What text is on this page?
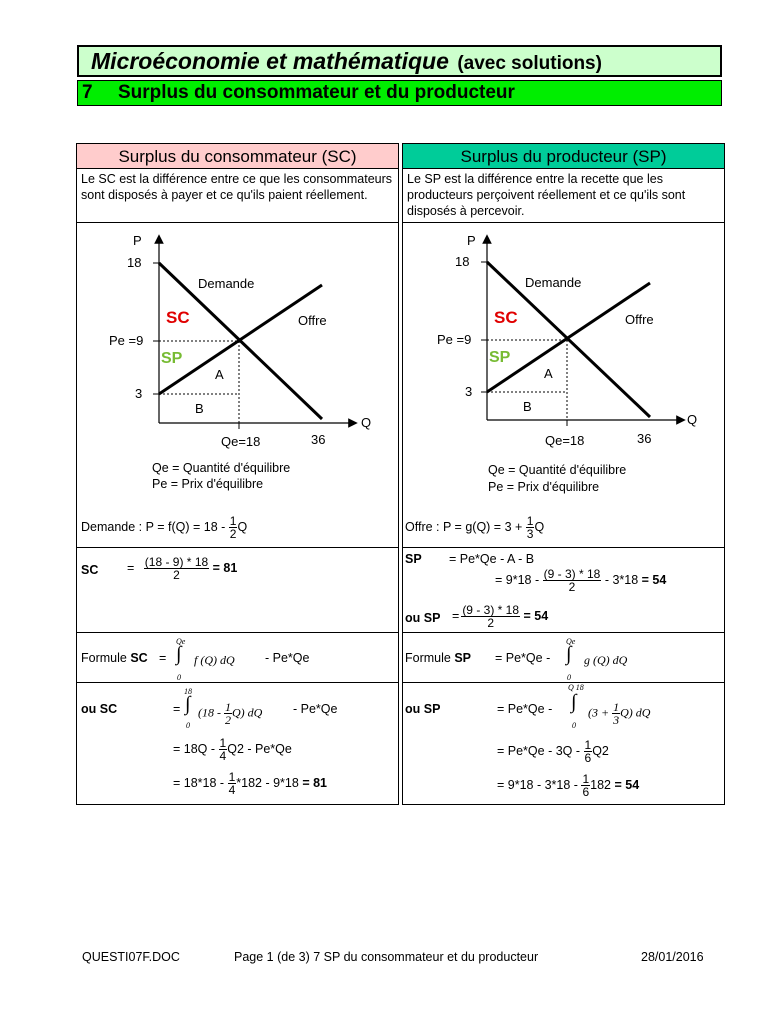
Microéconomie et mathématique (avec solutions)
7 Surplus du consommateur et du producteur
Surplus du consommateur (SC)
Le SC est la différence entre ce que les consommateurs sont disposés à payer et ce qu'ils paient réellement.
P
Q
18
3
Pe =9
Qe=18	36
Demande
Offre
SC
SP
A
B
Qe = Quantité d'équilibre
Pe = Prix d'équilibre
Demande : $P = f(Q) = 18 - \frac{1}{2}$ Q
SC = $\frac{(18 - 9) * 18}{2} = 81$
Formule SC =
Qe
∫
0
f (Q) dQ - Pe*Qe
ou SC	=
18
∫
0
$(18 - \frac{1}{2} Q)$ dQ - Pe*Qe
= $18Q - \frac{1}{4} Q2 - Pe*Qe$
= $18*18 - \frac{1}{4} *182 - 9*18 = 81$
Surplus du producteur (SP)
Le SP est la différence entre la recette que les producteurs perçoivent réellement et ce qu'ils sont disposés à percevoir.
P
Q
18
3
Pe =9
Qe=18	36
Demande
Offre
SC
SP
A
B
Qe = Quantité d'équilibre
Pe = Prix d'équilibre
Offre : $P = g(Q) = 3 + \frac{1}{3}$ Q
SP = Pe*Qe - A - B
= $9*18 - \frac{(9 - 3) * 18}{2} - 3*18 = 54$
ou SP = $\frac{(9 - 3) * 18}{2} = 54$
Formule SP = Pe*Qe -
Qe
∫
0
g (Q) dQ
ou SP	= Pe*Qe -
Q 18
∫
0
$(3 + \frac{1}{3} Q)$ dQ
= $Pe*Qe - 3Q - \frac{1}{6} Q2$
= $9*18 - 3*18 - \frac{1}{6} 182 = 54$
QUESTI07F.DOC	Page 1 (de 3) 7 SP du consommateur et du producteur	28/01/2016
